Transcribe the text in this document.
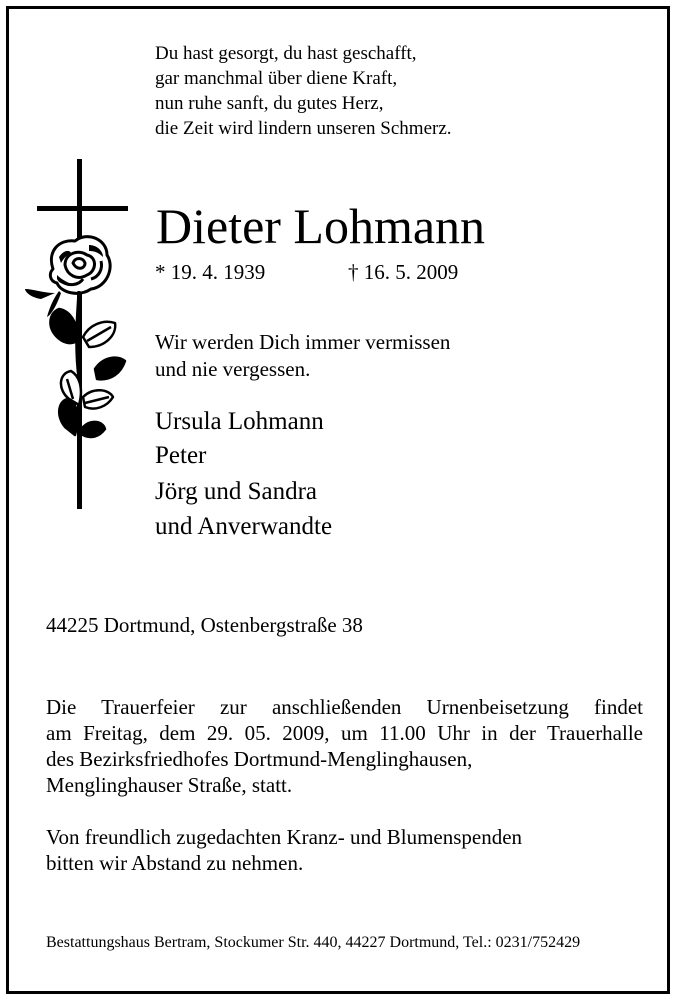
Du hast gesorgt, du hast geschafft,
gar manchmal über diene Kraft,
nun ruhe sanft, du gutes Herz,
die Zeit wird lindern unseren Schmerz.
Dieter Lohmann
* 19. 4. 1939	† 16. 5. 2009
Wir werden Dich immer vermissen
und nie vergessen.
Ursula Lohmann
Peter
Jörg und Sandra
und Anverwandte
44225 Dortmund, Ostenbergstraße 38
Die Trauerfeier zur anschließenden Urnenbeisetzung findet
am Freitag, dem 29. 05. 2009, um 11.00 Uhr in der Trauerhalle
des Bezirksfriedhofes Dortmund-Menglinghausen,
Menglinghauser Straße, statt.
Von freundlich zugedachten Kranz- und Blumenspenden
bitten wir Abstand zu nehmen.
Bestattungshaus Bertram, Stockumer Str. 440, 44227 Dortmund, Tel.: 0231/752429
